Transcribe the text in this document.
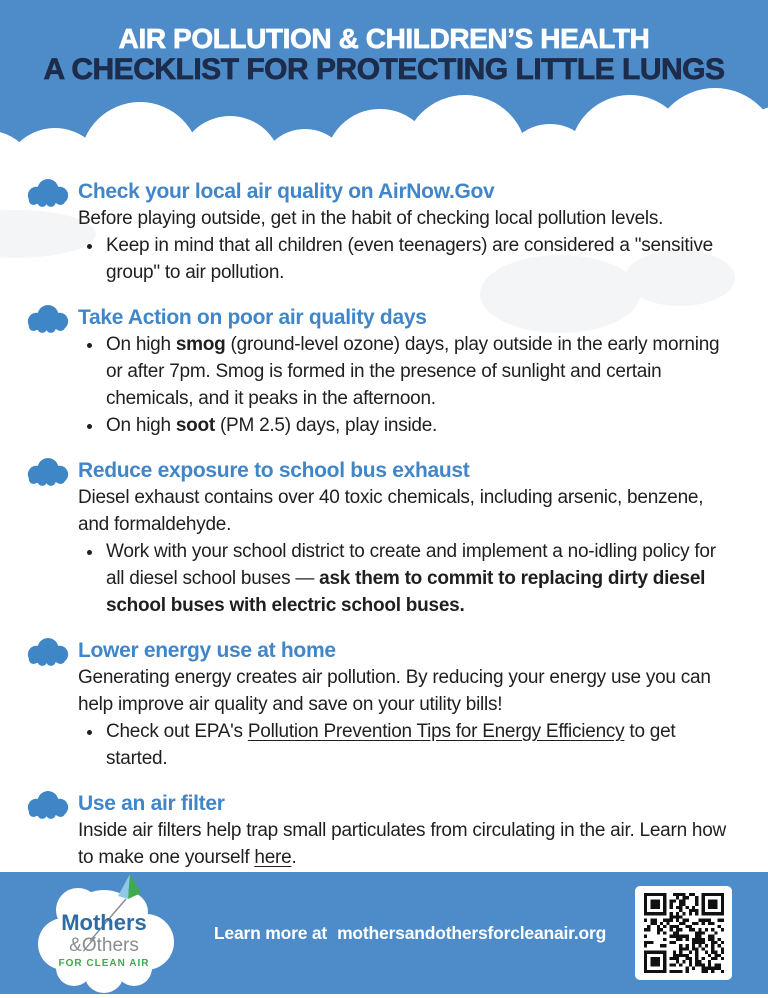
AIR POLLUTION & CHILDREN’S HEALTH
A CHECKLIST FOR PROTECTING LITTLE LUNGS
Check your local air quality on AirNow.Gov

Before playing outside, get in the habit of checking local pollution levels.

• Keep in mind that all children (even teenagers) are considered a "sensitive group" to air pollution.
Take Action on poor air quality days
• On high smog (ground-level ozone) days, play outside in the early morning or after 7pm. Smog is formed in the presence of sunlight and certain chemicals, and it peaks in the afternoon.
• On high soot (PM 2.5) days, play inside.
Reduce exposure to school bus exhaust

Diesel exhaust contains over 40 toxic chemicals, including arsenic, benzene, and formaldehyde.

• Work with your school district to create and implement a no-idling policy for all diesel school buses — ask them to commit to replacing dirty diesel school buses with electric school buses.
Lower energy use at home

Generating energy creates air pollution. By reducing your energy use you can help improve air quality and save on your utility bills!

• Check out EPA's Pollution Prevention Tips for Energy Efficiency to get started.
Use an air filter

Inside air filters help trap small particulates from circulating in the air. Learn how to make one yourself here.

Mothers
&Øthers
FOR CLEAN AIR
Learn more at mothersandothersforcleanair.org
